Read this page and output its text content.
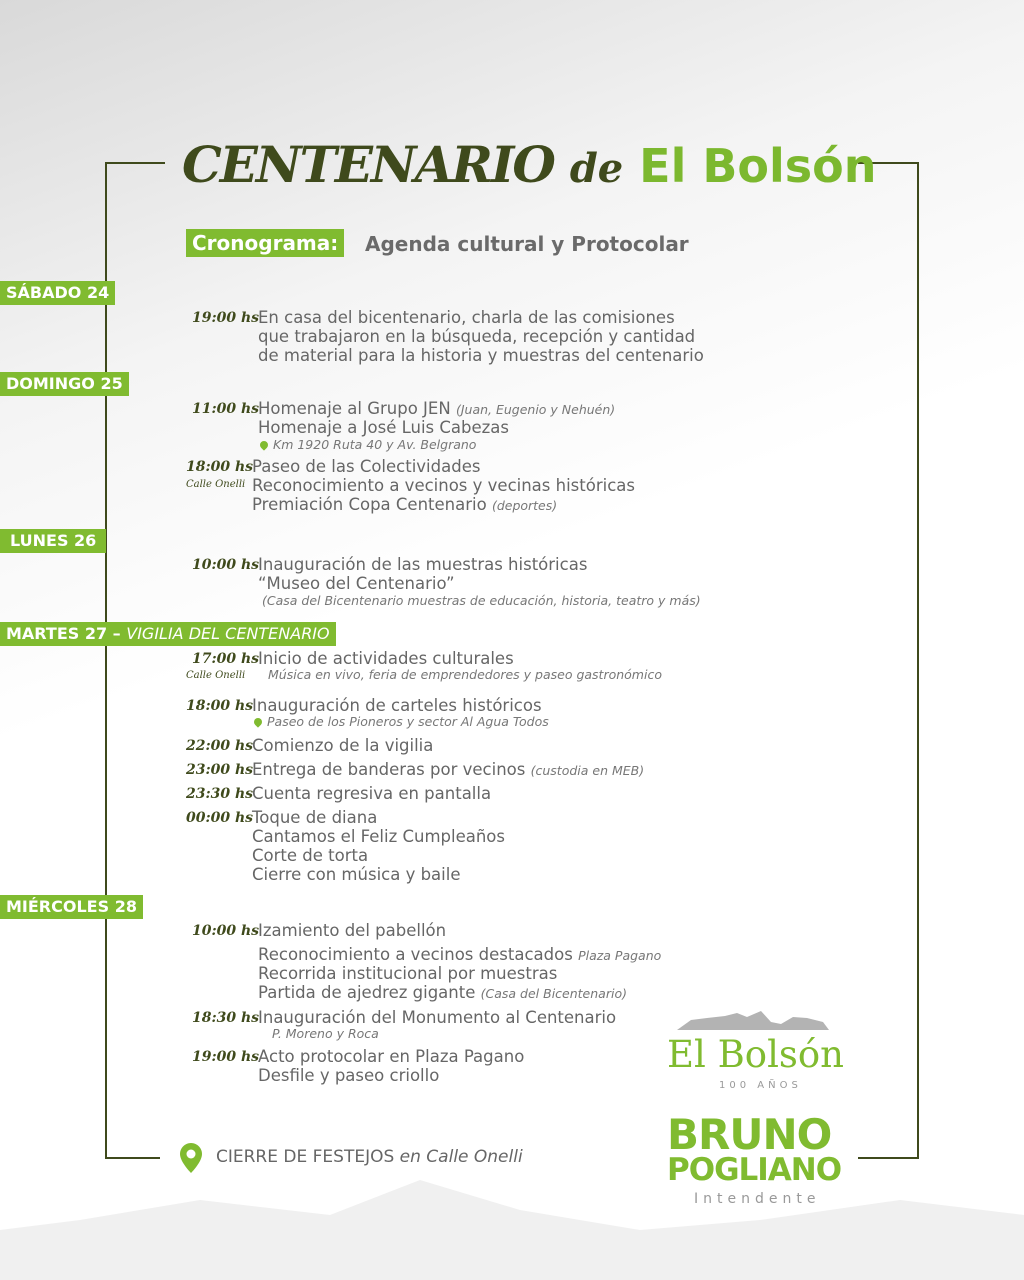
CENTENARIO de El Bolsón
Cronograma:	Agenda cultural y Protocolar
SÁBADO 24
19:00 hs
En casa del bicentenario, charla de las comisiones
que trabajaron en la búsqueda, recepción y cantidad
de material para la historia y muestras del centenario
DOMINGO 25
11:00 hs
Homenaje al Grupo JEN (Juan, Eugenio y Nehuén)
Homenaje a José Luis Cabezas
Km 1920 Ruta 40 y Av. Belgrano
18:00 hs
Calle Onelli
Paseo de las Colectividades
Reconocimiento a vecinos y vecinas históricas
Premiación Copa Centenario (deportes)
LUNES 26
10:00 hs
Inauguración de las muestras históricas
“Museo del Centenario”
(Casa del Bicentenario muestras de educación, historia, teatro y más)
MARTES 27 – VIGILIA DEL CENTENARIO
17:00 hs
Calle Onelli
Inicio de actividades culturales
Música en vivo, feria de emprendedores y paseo gastronómico
18:00 hs
Inauguración de carteles históricos
Paseo de los Pioneros y sector Al Agua Todos
22:00 hs
Comienzo de la vigilia
23:00 hs
Entrega de banderas por vecinos (custodia en MEB)
23:30 hs
Cuenta regresiva en pantalla
00:00 hs
Toque de diana
Cantamos el Feliz Cumpleaños
Corte de torta
Cierre con música y baile
MIÉRCOLES 28
10:00 hs
Izamiento del pabellón
Reconocimiento a vecinos destacados Plaza Pagano
Recorrida institucional por muestras
Partida de ajedrez gigante (Casa del Bicentenario)
18:30 hs
Inauguración del Monumento al Centenario
P. Moreno y Roca
19:00 hs
Acto protocolar en Plaza Pagano
Desfile y paseo criollo
CIERRE DE FESTEJOS en Calle Onelli
El Bolsón
100 AÑOS
BRUNO
POGLIANO
Intendente
